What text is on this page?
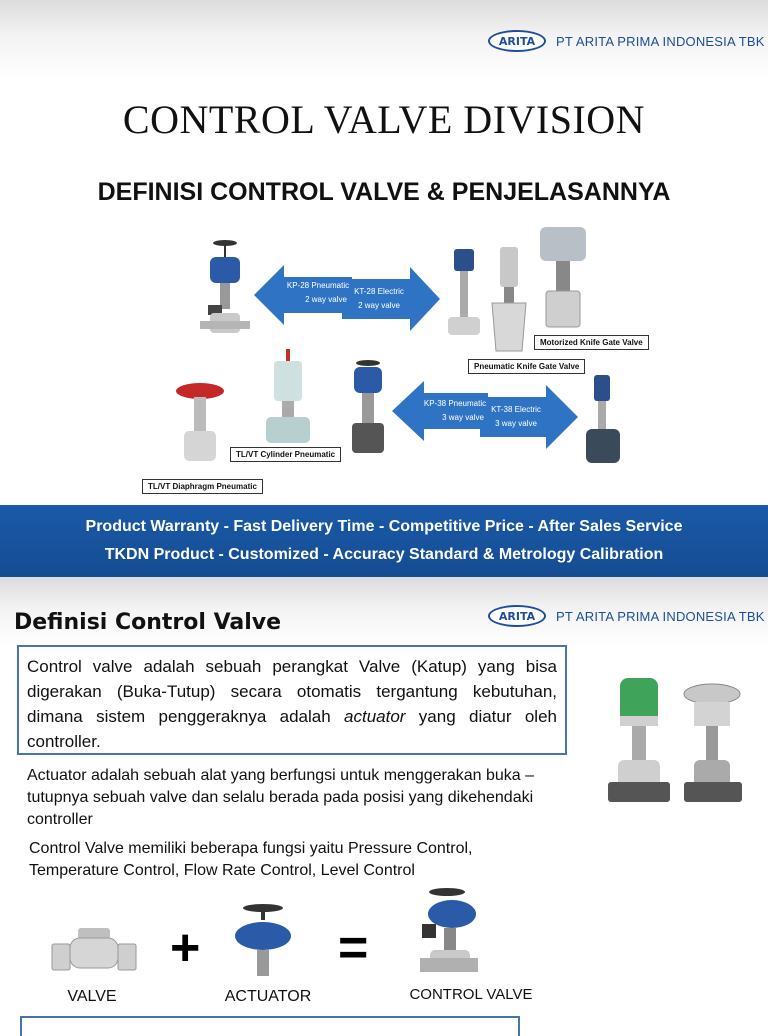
ARITA	PT ARITA PRIMA INDONESIA TBK
CONTROL VALVE DIVISION
DEFINISI CONTROL VALVE & PENJELASANNYA
KP-28 Pneumatic
2 way valve
KT-28 Electric
2 way valve
KP-38 Pneumatic
3 way valve
KT-38 Electric
3 way valve
Motorized Knife Gate Valve
Pneumatic Knife Gate Valve
TL/VT Cylinder Pneumatic
TL/VT Diaphragm Pneumatic
Product Warranty - Fast Delivery Time - Competitive Price - After Sales Service
TKDN Product - Customized - Accuracy Standard & Metrology Calibration
ARITA	PT ARITA PRIMA INDONESIA TBK
Definisi Control Valve
Control valve adalah sebuah perangkat Valve (Katup) yang bisa digerakan (Buka-Tutup) secara otomatis tergantung kebutuhan, dimana sistem penggeraknya adalah actuator yang diatur oleh controller.
Actuator adalah sebuah alat yang berfungsi untuk menggerakan buka – tutupnya sebuah valve dan selalu berada pada posisi yang dikehendaki controller
Control Valve memiliki beberapa fungsi yaitu Pressure Control, Temperature Control, Flow Rate Control, Level Control
+	=
VALVE	ACTUATOR	CONTROL VALVE
